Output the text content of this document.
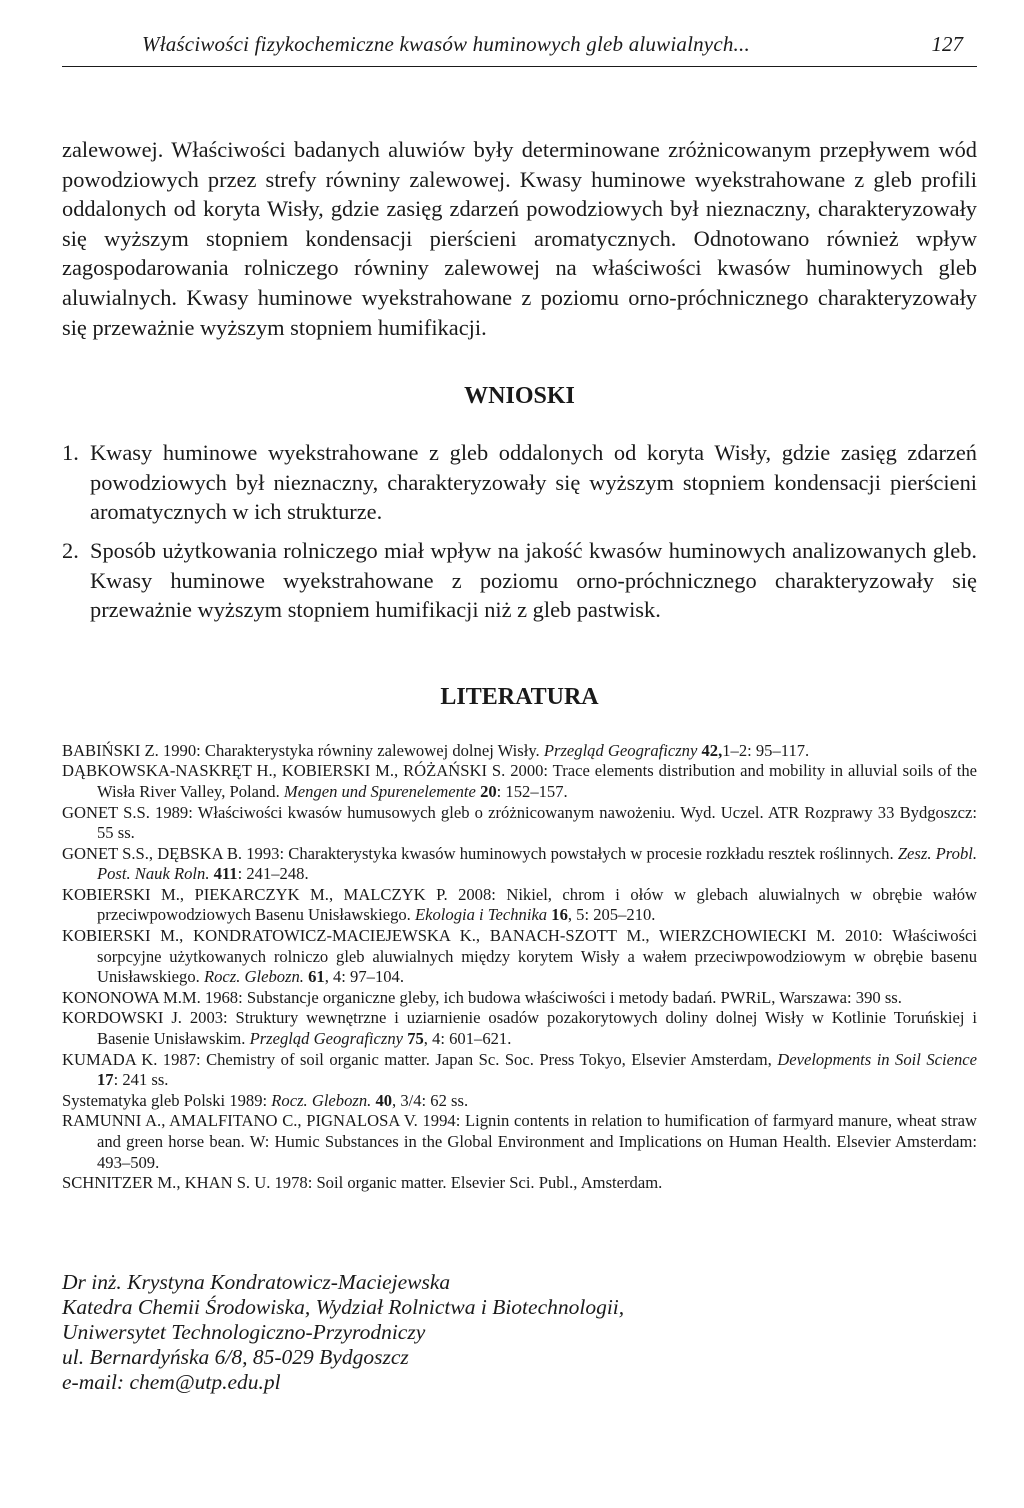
Właściwości fizykochemiczne kwasów huminowych gleb aluwialnych...	127

zalewowej. Właściwości badanych aluwiów były determinowane zróżnicowanym przepływem wód powodziowych przez strefy równiny zalewowej. Kwasy huminowe wyekstrahowane z gleb profili oddalonych od koryta Wisły, gdzie zasięg zdarzeń powodziowych był nieznaczny, charakteryzowały się wyższym stopniem kondensacji pierścieni aromatycznych. Odnotowano również wpływ zagospodarowania rolniczego równiny zalewowej na właściwości kwasów huminowych gleb aluwialnych. Kwasy huminowe wyekstrahowane z poziomu orno-próchnicznego charakteryzowały się przeważnie wyższym stopniem humifikacji.

WNIOSKI
1. Kwasy huminowe wyekstrahowane z gleb oddalonych od koryta Wisły, gdzie zasięg zdarzeń powodziowych był nieznaczny, charakteryzowały się wyższym stopniem kondensacji pierścieni aromatycznych w ich strukturze.
2. Sposób użytkowania rolniczego miał wpływ na jakość kwasów huminowych analizowanych gleb. Kwasy huminowe wyekstrahowane z poziomu orno-próchnicznego charakteryzowały się przeważnie wyższym stopniem humifikacji niż z gleb pastwisk.
LITERATURA
BABIŃSKI Z. 1990: Charakterystyka równiny zalewowej dolnej Wisły. Przegląd Geograficzny 42,1–2: 95–117.
DĄBKOWSKA-NASKRĘT H., KOBIERSKI M., RÓŻAŃSKI S. 2000: Trace elements distribution and mobility in alluvial soils of the Wisła River Valley, Poland. Mengen und Spurenelemente 20: 152–157.
GONET S.S. 1989: Właściwości kwasów humusowych gleb o zróżnicowanym nawożeniu. Wyd. Uczel. ATR Rozprawy 33 Bydgoszcz: 55 ss.
GONET S.S., DĘBSKA B. 1993: Charakterystyka kwasów huminowych powstałych w procesie rozkładu resztek roślinnych. Zesz. Probl. Post. Nauk Roln. 411: 241–248.
KOBIERSKI M., PIEKARCZYK M., MALCZYK P. 2008: Nikiel, chrom i ołów w glebach aluwialnych w obrębie wałów przeciwpowodziowych Basenu Unisławskiego. Ekologia i Technika 16, 5: 205–210.
KOBIERSKI M., KONDRATOWICZ-MACIEJEWSKA K., BANACH-SZOTT M., WIERZCHOWIECKI M. 2010: Właściwości sorpcyjne użytkowanych rolniczo gleb aluwialnych między korytem Wisły a wałem przeciwpowodziowym w obrębie basenu Unisławskiego. Rocz. Glebozn. 61, 4: 97–104.
KONONOWA M.M. 1968: Substancje organiczne gleby, ich budowa właściwości i metody badań. PWRiL, Warszawa: 390 ss.
KORDOWSKI J. 2003: Struktury wewnętrzne i uziarnienie osadów pozakorytowych doliny dolnej Wisły w Kotlinie Toruńskiej i Basenie Unisławskim. Przegląd Geograficzny 75, 4: 601–621.
KUMADA K. 1987: Chemistry of soil organic matter. Japan Sc. Soc. Press Tokyo, Elsevier Amsterdam, Developments in Soil Science 17: 241 ss.
Systematyka gleb Polski 1989: Rocz. Glebozn. 40, 3/4: 62 ss.
RAMUNNI A., AMALFITANO C., PIGNALOSA V. 1994: Lignin contents in relation to humification of farmyard manure, wheat straw and green horse bean. W: Humic Substances in the Global Environment and Implications on Human Health. Elsevier Amsterdam: 493–509.
SCHNITZER M., KHAN S. U. 1978: Soil organic matter. Elsevier Sci. Publ., Amsterdam.
Dr inż. Krystyna Kondratowicz-Maciejewska
Katedra Chemii Środowiska, Wydział Rolnictwa i Biotechnologii,
Uniwersytet Technologiczno-Przyrodniczy
ul. Bernardyńska 6/8, 85-029 Bydgoszcz
e-mail: chem@utp.edu.pl
